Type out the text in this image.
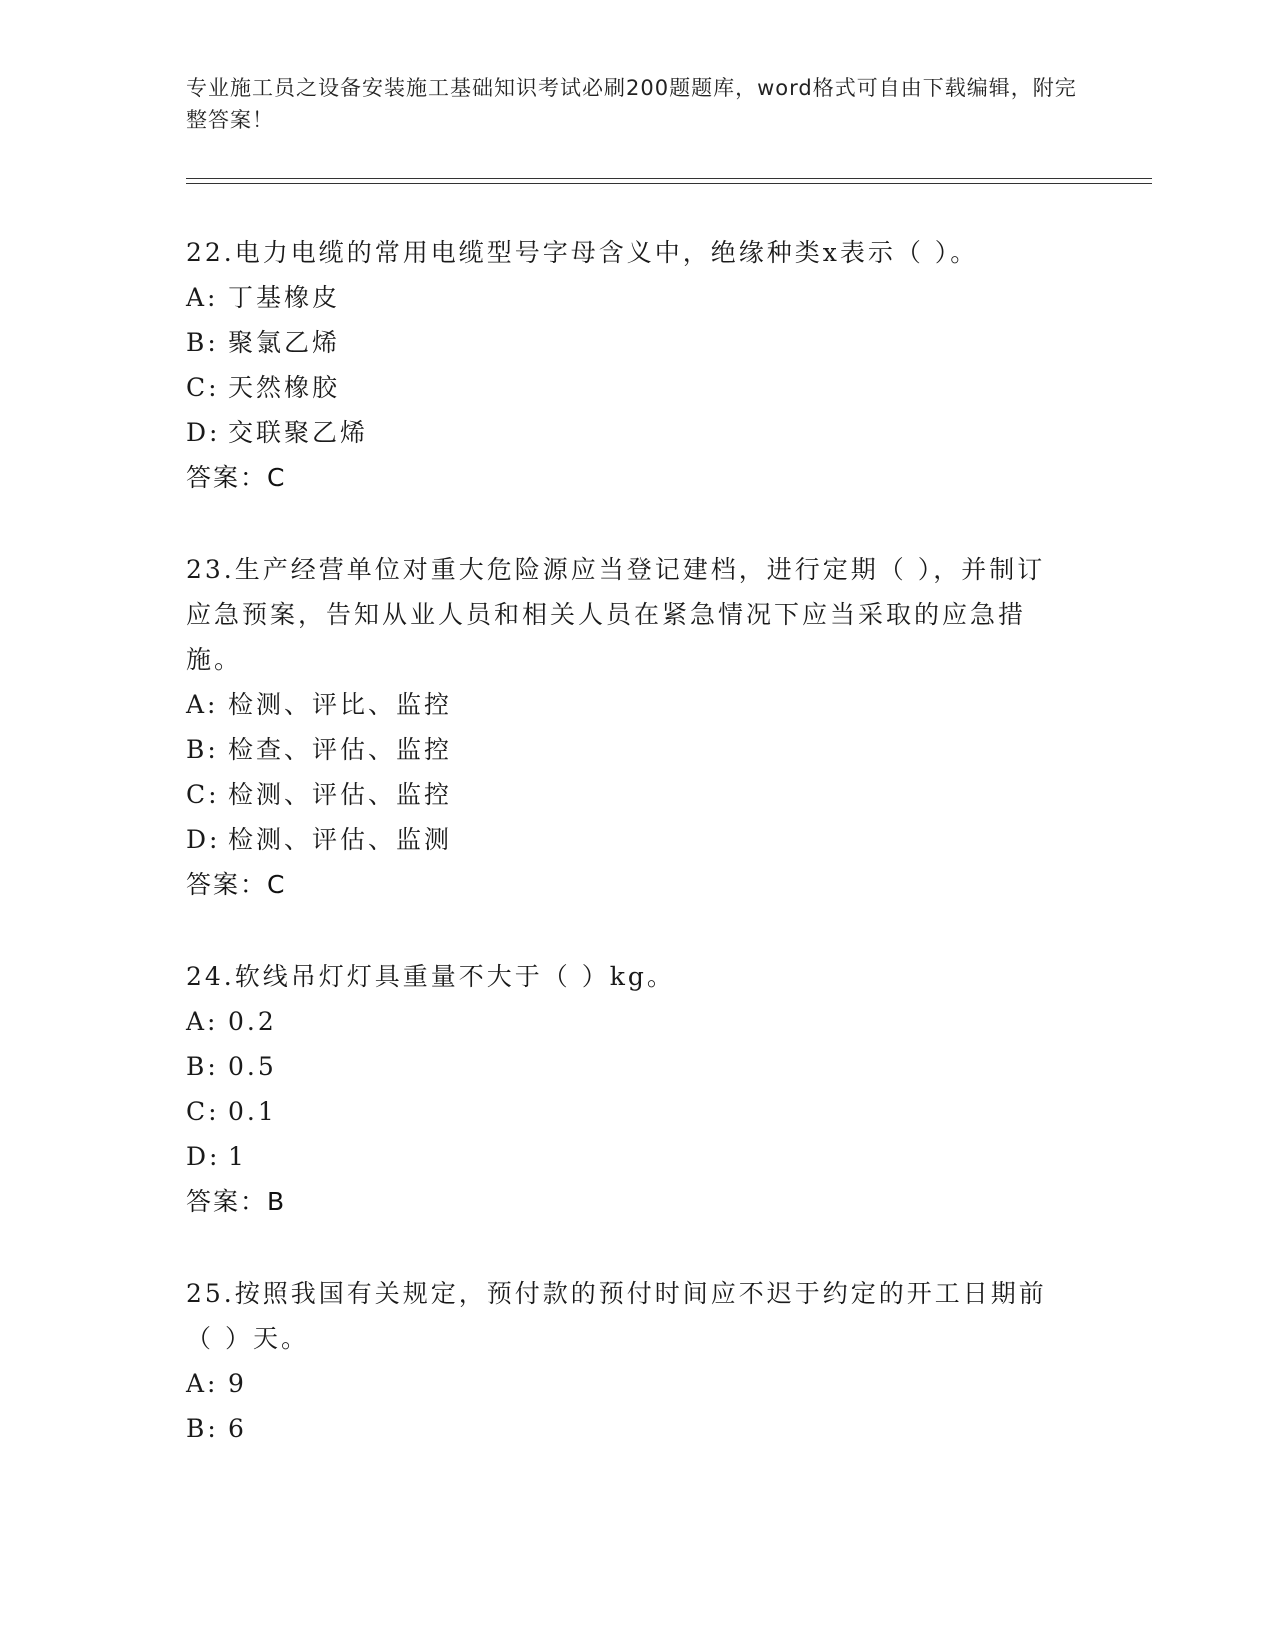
专业施工员之设备安装施工基础知识考试必刷200题题库，word格式可自由下载编辑，附完整答案！
22.电力电缆的常用电缆型号字母含义中，绝缘种类x表示（ ）。
A: 丁基橡皮
B: 聚氯乙烯
C: 天然橡胶
D: 交联聚乙烯
答案：C
23.生产经营单位对重大危险源应当登记建档，进行定期（ ），并制订应急预案，告知从业人员和相关人员在紧急情况下应当采取的应急措施。
A: 检测、评比、监控
B: 检查、评估、监控
C: 检测、评估、监控
D: 检测、评估、监测
答案：C
24.软线吊灯灯具重量不大于（ ）kg。
A: 0.2
B: 0.5
C: 0.1
D: 1
答案：B
25.按照我国有关规定，预付款的预付时间应不迟于约定的开工日期前（ ）天。
A: 9
B: 6
